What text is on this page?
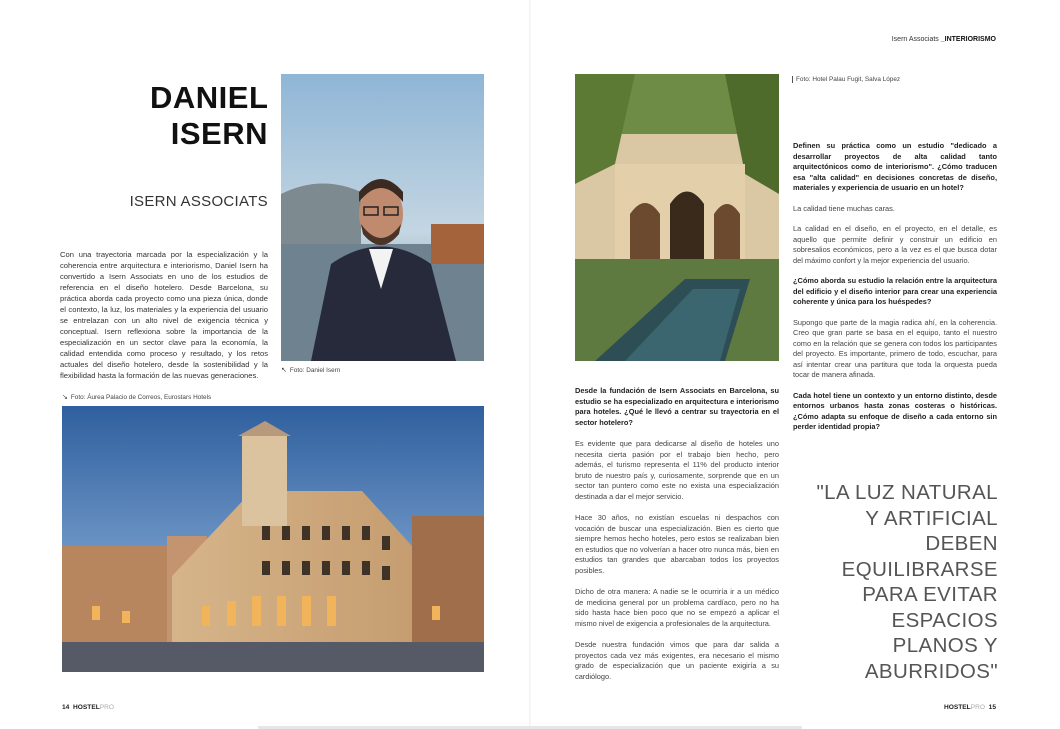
DANIEL
ISERN
ISERN ASSOCIATS
Con una trayectoria marcada por la especialización y la coherencia entre arquitectura e interiorismo, Daniel Isern ha convertido a Isern Associats en uno de los estudios de referencia en el diseño hotelero. Desde Barcelona, su práctica aborda cada proyecto como una pieza única, donde el contexto, la luz, los materiales y la experiencia del usuario se entrelazan con un alto nivel de exigencia técnica y conceptual. Isern reflexiona sobre la importancia de la especialización en un sector clave para la economía, la calidad entendida como proceso y resultado, y los retos actuales del diseño hotelero, desde la sostenibilidad y la flexibilidad hasta la formación de las nuevas generaciones.
↖ Foto: Daniel Isern
↘ Foto: Áurea Palacio de Correos, Eurostars Hotels
14 HOSTELPRO
Isern Associats _INTERIORISMO
Foto: Hotel Palau Fugit, Salva López
Desde la fundación de Isern Associats en Barcelona, su estudio se ha especializado en arquitectura e interiorismo para hoteles. ¿Qué le llevó a centrar su trayectoria en el sector hotelero?
Es evidente que para dedicarse al diseño de hoteles uno necesita cierta pasión por el trabajo bien hecho, pero además, el turismo representa el 11% del producto interior bruto de nuestro país y, curiosamente, sorprende que en un sector tan puntero como este no exista una especialización destinada a dar el mejor servicio.
Hace 30 años, no existían escuelas ni despachos con vocación de buscar una especialización. Bien es cierto que siempre hemos hecho hoteles, pero estos se realizaban bien en estudios que no volverían a hacer otro nunca más, bien en estudios tan grandes que abarcaban todos los proyectos posibles.
Dicho de otra manera: A nadie se le ocurriría ir a un médico de medicina general por un problema cardíaco, pero no ha sido hasta hace bien poco que no se empezó a aplicar el mismo nivel de exigencia a profesionales de la arquitectura.
Desde nuestra fundación vimos que para dar salida a proyectos cada vez más exigentes, era necesario el mismo grado de especialización que un paciente exigiría a su cardiólogo.
Definen su práctica como un estudio "dedicado a desarrollar proyectos de alta calidad tanto arquitectónicos como de interiorismo". ¿Cómo traducen esa "alta calidad" en decisiones concretas de diseño, materiales y experiencia de usuario en un hotel?
La calidad tiene muchas caras.
La calidad en el diseño, en el proyecto, en el detalle, es aquello que permite definir y construir un edificio en sobresalios económicos, pero a la vez es el que busca dotar del máximo confort y la mejor experiencia del usuario.
¿Cómo aborda su estudio la relación entre la arquitectura del edificio y el diseño interior para crear una experiencia coherente y única para los huéspedes?
Supongo que parte de la magia radica ahí, en la coherencia. Creo que gran parte se basa en el equipo, tanto el nuestro como en la relación que se genera con todos los participantes del proyecto. Es importante, primero de todo, escuchar, para así intentar crear una partitura que toda la orquesta pueda tocar de manera afinada.
Cada hotel tiene un contexto y un entorno distinto, desde entornos urbanos hasta zonas costeras o históricas. ¿Cómo adapta su enfoque de diseño a cada entorno sin perder identidad propia?
"LA LUZ NATURAL Y ARTIFICIAL DEBEN EQUILIBRARSE PARA EVITAR ESPACIOS PLANOS Y ABURRIDOS"
HOSTELPRO 15
